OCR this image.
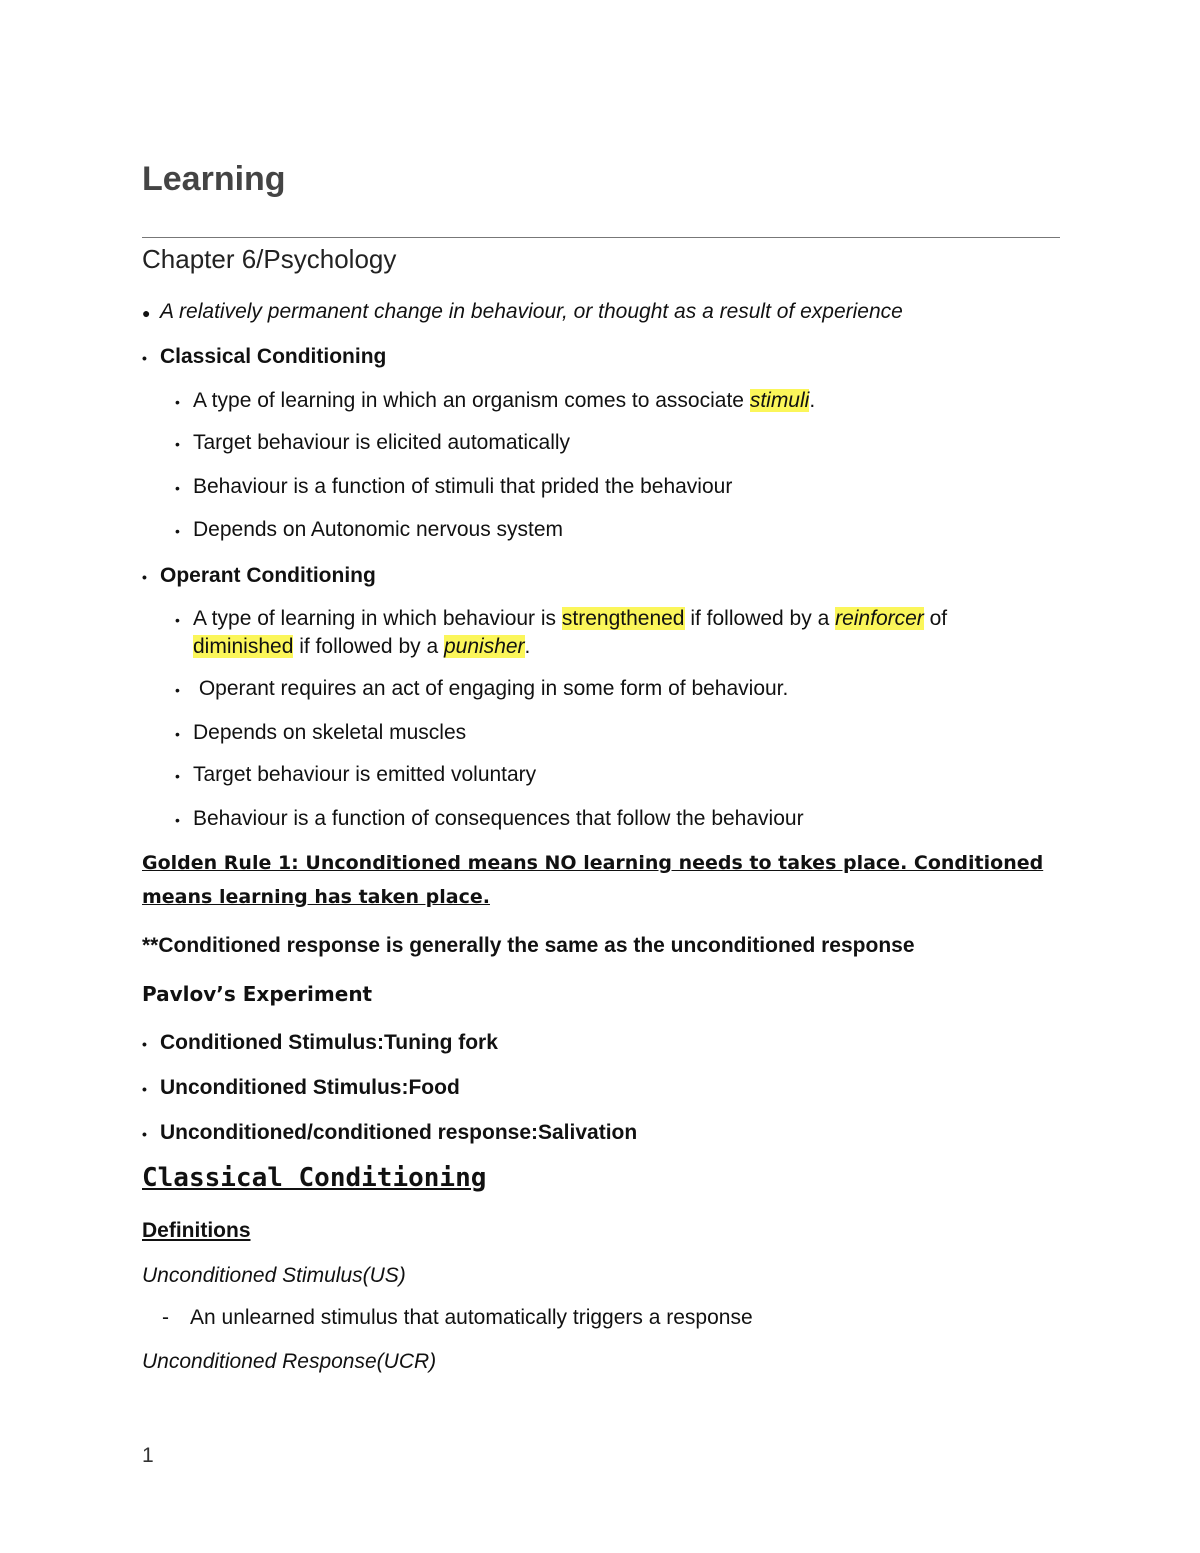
Learning
Chapter 6/Psychology
● A relatively permanent change in behaviour, or thought as a result of experience
• Classical Conditioning
• A type of learning in which an organism comes to associate stimuli.
• Target behaviour is elicited automatically
• Behaviour is a function of stimuli that prided the behaviour
• Depends on Autonomic nervous system
• Operant Conditioning
• A type of learning in which behaviour is strengthened if followed by a reinforcer of
diminished if followed by a punisher.
• Operant requires an act of engaging in some form of behaviour.
• Depends on skeletal muscles
• Target behaviour is emitted voluntary
• Behaviour is a function of consequences that follow the behaviour
Golden Rule 1: Unconditioned means NO learning needs to takes place. Conditioned
means learning has taken place.
**Conditioned response is generally the same as the unconditioned response
Pavlov’s Experiment
• Conditioned Stimulus:Tuning fork
• Unconditioned Stimulus:Food
• Unconditioned/conditioned response:Salivation
Classical Conditioning
Definitions
Unconditioned Stimulus(US)
- An unlearned stimulus that automatically triggers a response
Unconditioned Response(UCR)
1
